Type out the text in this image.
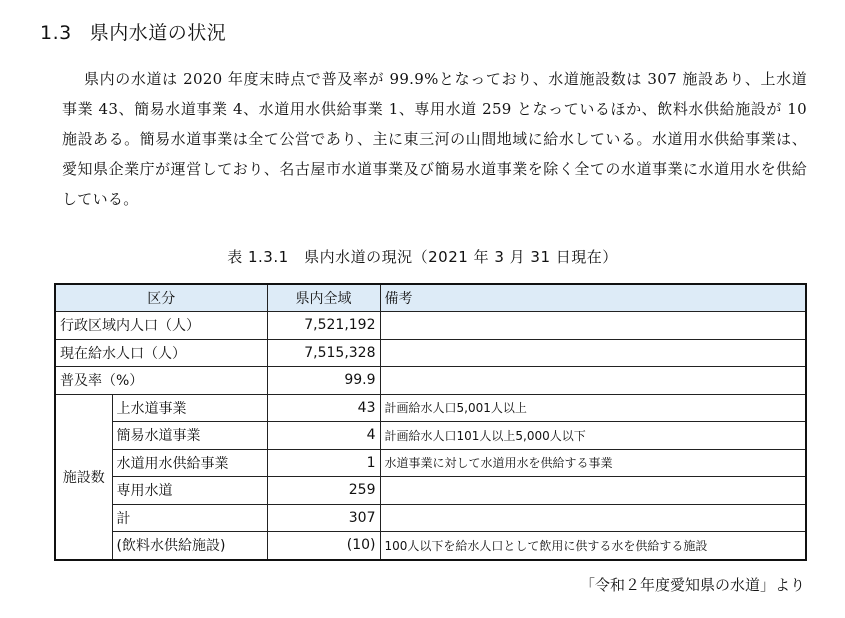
1.3 県内水道の状況

県内の水道は 2020 年度末時点で普及率が 99.9%となっており、水道施設数は 307 施設あり、上水道事業 43、簡易水道事業 4、水道用水供給事業 1、専用水道 259 となっているほか、飲料水供給施設が 10 施設ある。簡易水道事業は全て公営であり、主に東三河の山間地域に給水している。水道用水供給事業は、愛知県企業庁が運営しており、名古屋市水道事業及び簡易水道事業を除く全ての水道事業に水道用水を供給している。

表 1.3.1　県内水道の現況（2021 年 3 月 31 日現在）
区分		県内全域	備考
行政区域内人口（人）		7,521,192	
現在給水人口（人）		7,515,328	
普及率（%）		99.9	
施設数	上水道事業	43	計画給水人口5,001人以上
	簡易水道事業	4	計画給水人口101人以上5,000人以下
	水道用水供給事業	1	水道事業に対して水道用水を供給する事業
	専用水道	259	
	計	307	
	(飲料水供給施設)	(10)	100人以下を給水人口として飲用に供する水を供給する施設
「令和２年度愛知県の水道」より
